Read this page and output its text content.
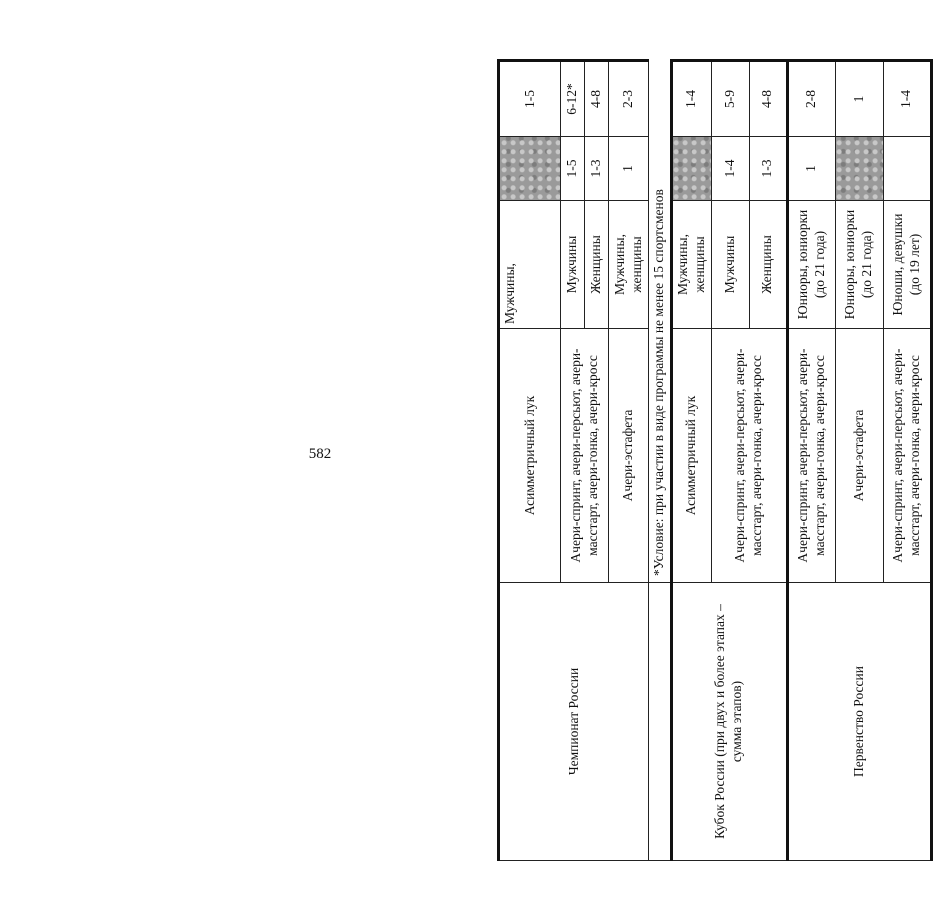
582
Чемпионат России	Асимметричный лук	Мужчины,		1-5
	Ачери-спринт, ачери-персьют, ачери-масстарт, ачери-гонка, ачери-кросс	Мужчины	1-5	6-12*
		Женщины	1-3	4-8
	Ачери-эстафета	Мужчины, женщины	1	2-3
	*Условие: при участии в виде программы не менее 15 спортсменов			
Кубок России (при двух и более этапах – сумма этапов)	Асимметричный лук	Мужчины, женщины		1-4
	Ачери-спринт, ачери-персьют, ачери-масстарт, ачери-гонка, ачери-кросс	Мужчины	1-4	5-9
		Женщины	1-3	4-8
Первенство России	Ачери-спринт, ачери-персьют, ачери-масстарт, ачери-гонка, ачери-кросс	Юниоры, юниорки (до 21 года)	1	2-8
	Ачери-эстафета	Юниоры, юниорки (до 21 года)		1
	Ачери-спринт, ачери-персьют, ачери-масстарт, ачери-гонка, ачери-кросс	Юноши, девушки (до 19 лет)		1-4
